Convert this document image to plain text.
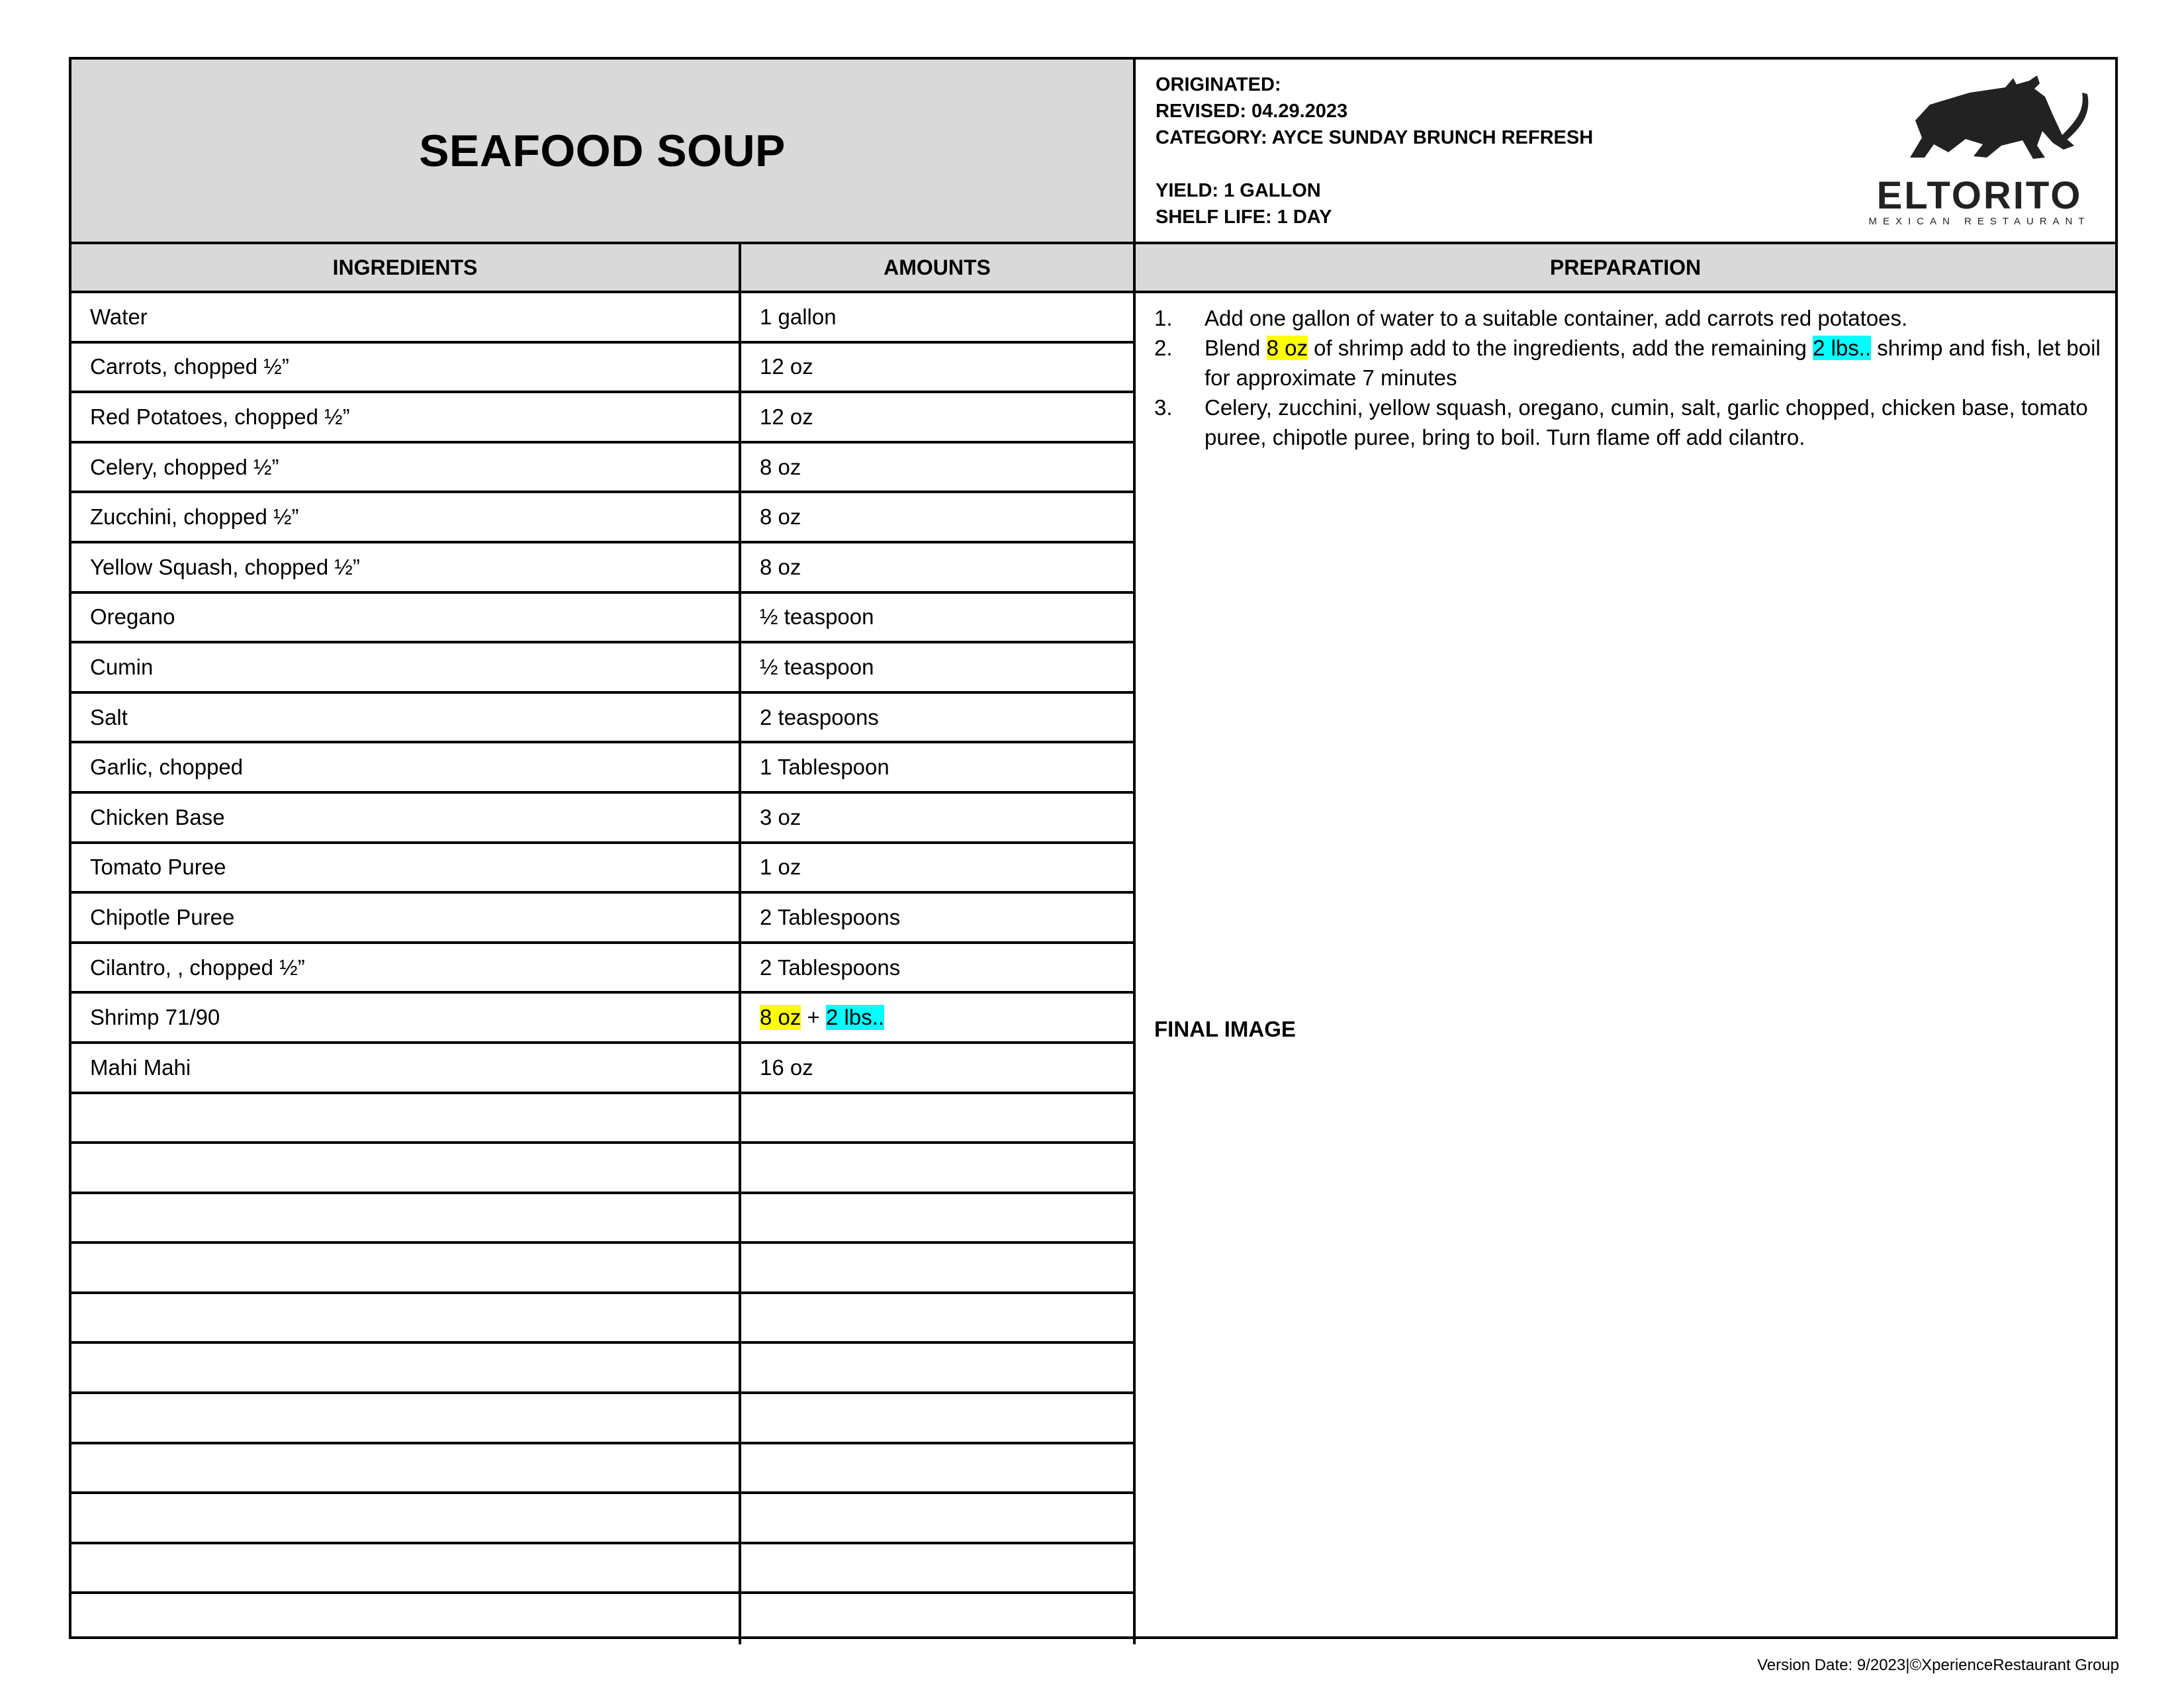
SEAFOOD SOUP
ORIGINATED:
REVISED: 04.29.2023
CATEGORY: AYCE SUNDAY BRUNCH REFRESH
YIELD: 1 GALLON
SHELF LIFE: 1 DAY	ELTORITO
MEXICAN RESTAURANT
INGREDIENTS	AMOUNTS	PREPARATION
Water	1 gallon
Carrots, chopped ½”	12 oz
Red Potatoes, chopped ½”	12 oz
Celery, chopped ½”	8 oz
Zucchini, chopped ½”	8 oz
Yellow Squash, chopped ½”	8 oz
Oregano	½ teaspoon
Cumin	½ teaspoon
Salt	2 teaspoons
Garlic, chopped	1 Tablespoon
Chicken Base	3 oz
Tomato Puree	1 oz
Chipotle Puree	2 Tablespoons
Cilantro, , chopped ½”	2 Tablespoons
Shrimp 71/90	8 oz + 2 lbs..
Mahi Mahi	16 oz
1.	Add one gallon of water to a suitable container, add carrots red potatoes.
2.	Blend 8 oz of shrimp add to the ingredients, add the remaining 2 lbs.. shrimp and fish, let boil for approximate 7 minutes
3.	Celery, zucchini, yellow squash, oregano, cumin, salt, garlic chopped, chicken base, tomato puree, chipotle puree, bring to boil. Turn flame off add cilantro.
FINAL IMAGE
Version Date: 9/2023|©XperienceRestaurant Group
